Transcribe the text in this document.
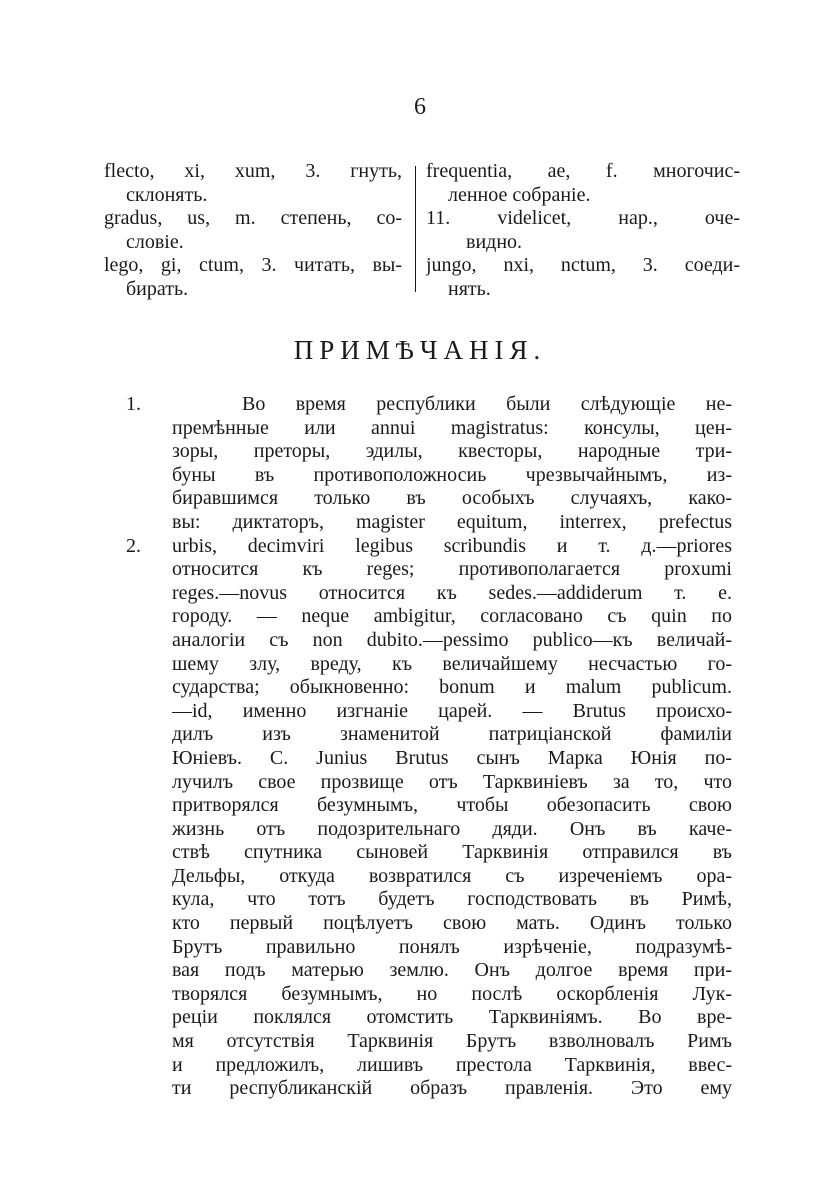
6

flecto, xi, xum, 3. гнуть,
склонять.

gradus, us, m. степень, со-
словіе.

lego, gi, ctum, 3. читать, вы-
бирать.

frequentia, ae, f. многочис-
ленное собраніе.

11. videlicet, нар., оче-
видно.

jungo, nxi, nctum, 3. соеди-
нять.

ПРИМѢЧАНІЯ.
1.
2.
Во время республики были слѣдующіе не-
премѣнные или annui magistratus: консулы, цен-
зоры, преторы, эдилы, квесторы, народные три-
буны въ противоположносиь чрезвычайнымъ, из-
биравшимся только въ особыхъ случаяхъ, како-
вы: диктаторъ, magister equitum, interrex, prefectus
urbis, decimviri legibus scribundis и т. д.—priores
относится къ reges; противополагается proxumi
reges.—novus относится къ sedes.—addiderum т. е.
городу. — neque ambigitur, согласовано съ quin по
аналогіи съ non dubito.—pessimo publico—къ величай-
шему злу, вреду, къ величайшему несчастью го-
сударства; обыкновенно: bonum и malum publicum.
—id, именно изгнаніе царей. — Brutus происхо-
дилъ изъ знаменитой патриціанской фамиліи
Юніевъ. C. Junius Brutus сынъ Марка Юнія по-
лучилъ свое прозвище отъ Тарквиніевъ за то, что
притворялся безумнымъ, чтобы обезопасить свою
жизнь отъ подозрительнаго дяди. Онъ въ каче-
ствѣ спутника сыновей Тарквинія отправился въ
Дельфы, откуда возвратился съ изреченіемъ ора-
кула, что тотъ будетъ господствовать въ Римѣ,
кто первый поцѣлуетъ свою мать. Одинъ только
Брутъ правильно понялъ изрѣченіе, подразумѣ-
вая подъ матерью землю. Онъ долгое время при-
творялся безумнымъ, но послѣ оскорбленія Лук-
реціи поклялся отомстить Тарквиніямъ. Во вре-
мя отсутствія Тарквинія Брутъ взволновалъ Римъ
и предложилъ, лишивъ престола Тарквинія, ввес-
ти республиканскій образъ правленія. Это ему
